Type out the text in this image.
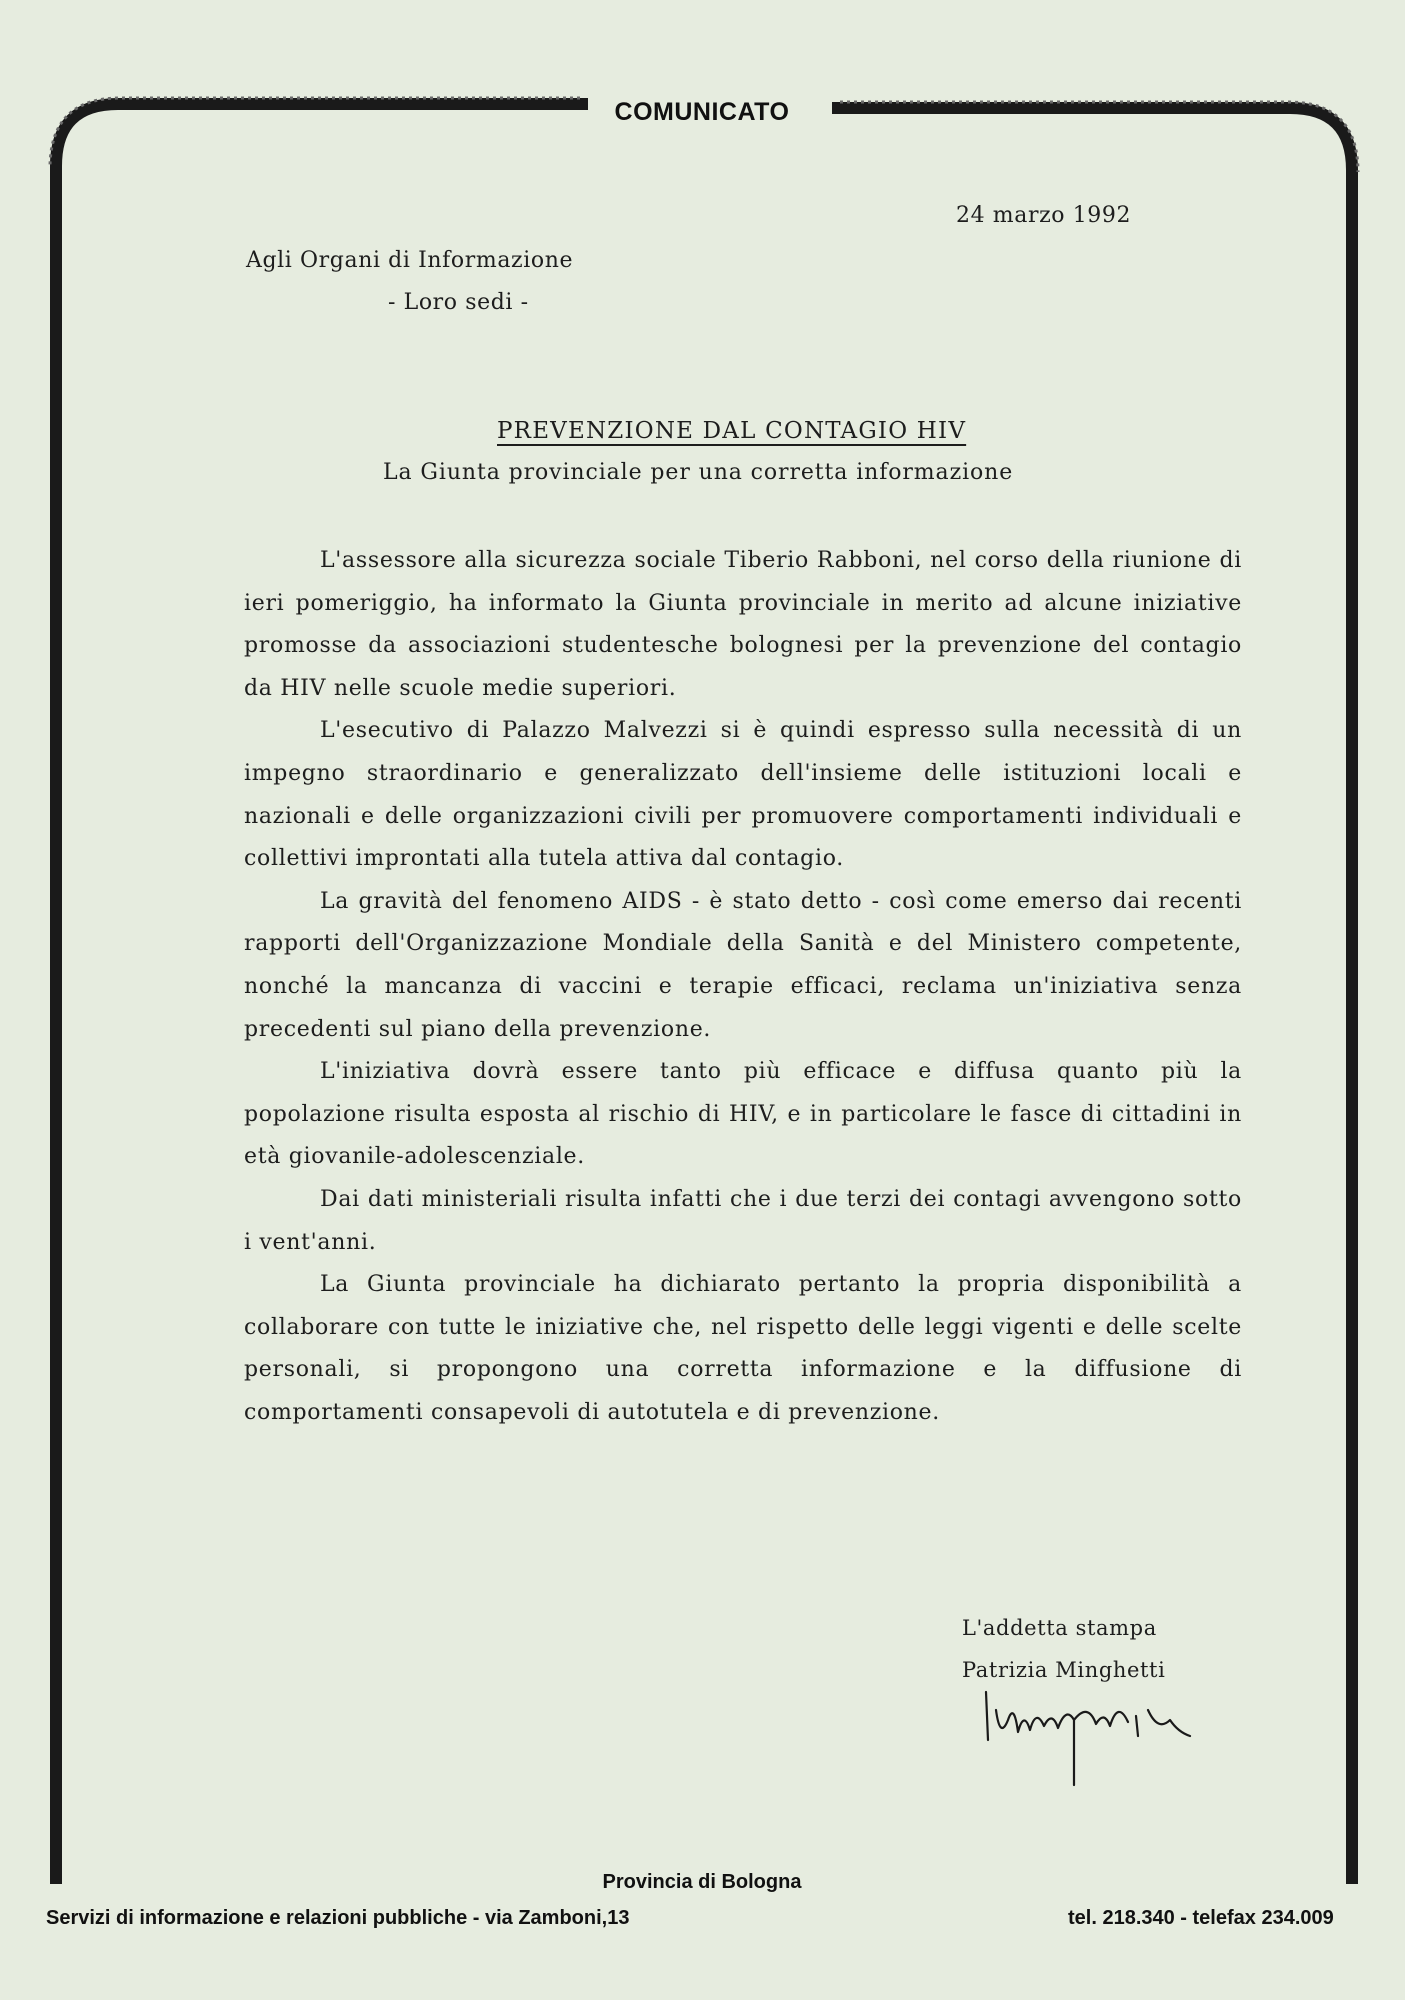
COMUNICATO
24 marzo 1992
Agli Organi di Informazione
- Loro sedi -
PREVENZIONE DAL CONTAGIO HIV
La Giunta provinciale per una corretta informazione

L'assessore alla sicurezza sociale Tiberio Rabboni, nel corso della riunione di ieri pomeriggio, ha informato la Giunta provinciale in merito ad alcune iniziative promosse da associazioni studentesche bolognesi per la prevenzione del contagio da HIV nelle scuole medie superiori.

L'esecutivo di Palazzo Malvezzi si è quindi espresso sulla necessità di un impegno straordinario e generalizzato dell'insieme delle istituzioni locali e nazionali e delle organizzazioni civili per promuovere comportamenti individuali e collettivi improntati alla tutela attiva dal contagio.

La gravità del fenomeno AIDS - è stato detto - così come emerso dai recenti rapporti dell'Organizzazione Mondiale della Sanità e del Ministero competente, nonché la mancanza di vaccini e terapie efficaci, reclama un'iniziativa senza precedenti sul piano della prevenzione.

L'iniziativa dovrà essere tanto più efficace e diffusa quanto più la popolazione risulta esposta al rischio di HIV, e in particolare le fasce di cittadini in età giovanile-adolescenziale.

Dai dati ministeriali risulta infatti che i due terzi dei contagi avvengono sotto i vent'anni.

La Giunta provinciale ha dichiarato pertanto la propria disponibilità a collaborare con tutte le iniziative che, nel rispetto delle leggi vigenti e delle scelte personali, si propongono una corretta informazione e la diffusione di comportamenti consapevoli di autotutela e di prevenzione.

L'addetta stampa
Patrizia Minghetti
Provincia di Bologna
Servizi di informazione e relazioni pubbliche - via Zamboni,13	tel. 218.340 - telefax 234.009
